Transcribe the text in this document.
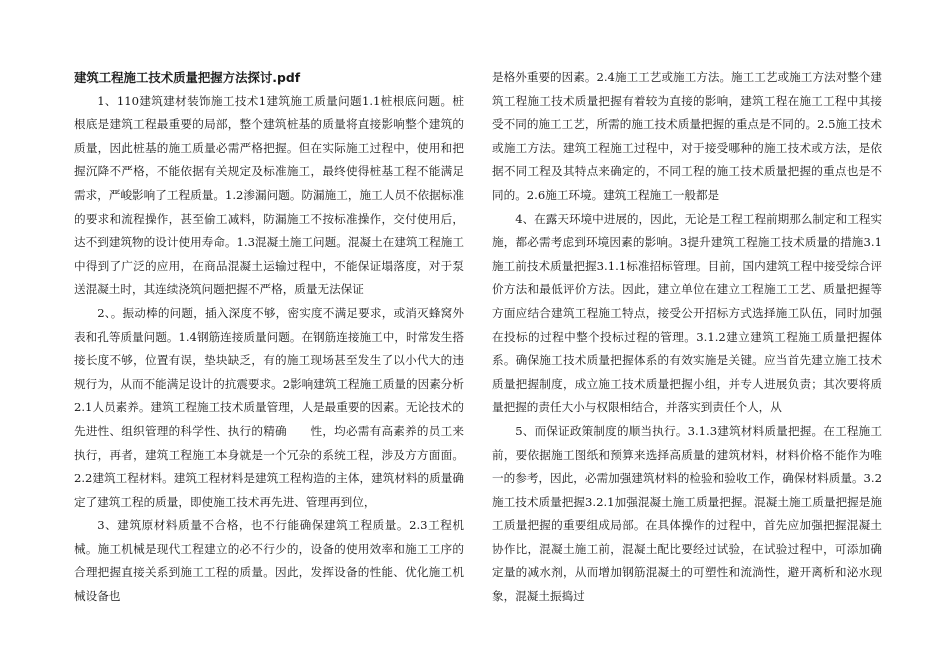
建筑工程施工技术质量把握方法探讨.pdf

1、110建筑建材装饰施工技术1建筑施工质量问题1.1桩根底问题。桩根底是建筑工程最重要的局部，整个建筑桩基的质量将直接影响整个建筑的质量，因此桩基的施工质量必需严格把握。但在实际施工过程中，使用和把握沉降不严格，不能依据有关规定及标准施工，最终使得桩基工程不能满足需求，严峻影响了工程质量。1.2渗漏问题。防漏施工，施工人员不依据标准的要求和流程操作，甚至偷工减料，防漏施工不按标准操作，交付使用后，达不到建筑物的设计使用寿命。1.3混凝土施工问题。混凝土在建筑工程施工中得到了广泛的应用，在商品混凝土运输过程中，不能保证塌落度，对于泵送混凝土时，其连续浇筑问题把握不严格，质量无法保证

2、。振动棒的问题，插入深度不够，密实度不满足要求，或消灭蜂窝外表和孔等质量问题。1.4钢筋连接质量问题。在钢筋连接施工中，时常发生搭接长度不够，位置有误，垫块缺乏，有的施工现场甚至发生了以小代大的违规行为，从而不能满足设计的抗震要求。2影响建筑工程施工质量的因素分析2.1人员素养。建筑工程施工技术质量管理，人是最重要的因素。无论技术的先进性、组织管理的科学性、执行的精确　　性，均必需有高素养的员工来执行，再者，建筑工程施工本身就是一个冗杂的系统工程，涉及方方面面。2.2建筑工程材料。建筑工程材料是建筑工程构造的主体，建筑材料的质量确定了建筑工程的质量，即使施工技术再先进、管理再到位，

3、建筑原材料质量不合格，也不行能确保建筑工程质量。2.3工程机械。施工机械是现代工程建立的必不行少的，设备的使用效率和施工工序的合理把握直接关系到施工工程的质量。因此，发挥设备的性能、优化施工机械设备也

是格外重要的因素。2.4施工工艺或施工方法。施工工艺或施工方法对整个建筑工程施工技术质量把握有着较为直接的影响，建筑工程在施工工程中其接受不同的施工工艺，所需的施工技术质量把握的重点是不同的。2.5施工技术或施工方法。建筑工程施工过程中，对于接受哪种的施工技术或方法，是依据不同工程及其特点来确定的，不同工程的施工技术质量把握的重点也是不同的。2.6施工环境。建筑工程施工一般都是

4、在露天环境中进展的，因此，无论是工程工程前期那么制定和工程实施，都必需考虑到环境因素的影响。3提升建筑工程施工技术质量的措施3.1施工前技术质量把握3.1.1标准招标管理。目前，国内建筑工程中接受综合评价方法和最低评价方法。因此，建立单位在建立工程施工工艺、质量把握等方面应结合建筑工程施工特点，接受公开招标方式选择施工队伍，同时加强在投标的过程中整个投标过程的管理。3.1.2建立建筑工程施工质量把握体系。确保施工技术质量把握体系的有效实施是关键。应当首先建立施工技术质量把握制度，成立施工技术质量把握小组，并专人进展负责；其次要将质量把握的责任大小与权限相结合，并落实到责任个人，从

5、而保证政策制度的顺当执行。3.1.3建筑材料质量把握。在工程施工前，要依据施工图纸和预算来选择高质量的建筑材料，材料价格不能作为唯一的参考，因此，必需加强建筑材料的检验和验收工作，确保材料质量。3.2施工技术质量把握3.2.1加强混凝土施工质量把握。混凝土施工质量把握是施工质量把握的重要组成局部。在具体操作的过程中，首先应加强把握混凝土协作比，混凝土施工前，混凝土配比要经过试验，在试验过程中，可添加确定量的减水剂，从而增加钢筋混凝土的可塑性和流淌性，避开离析和泌水现象，混凝土振捣过
